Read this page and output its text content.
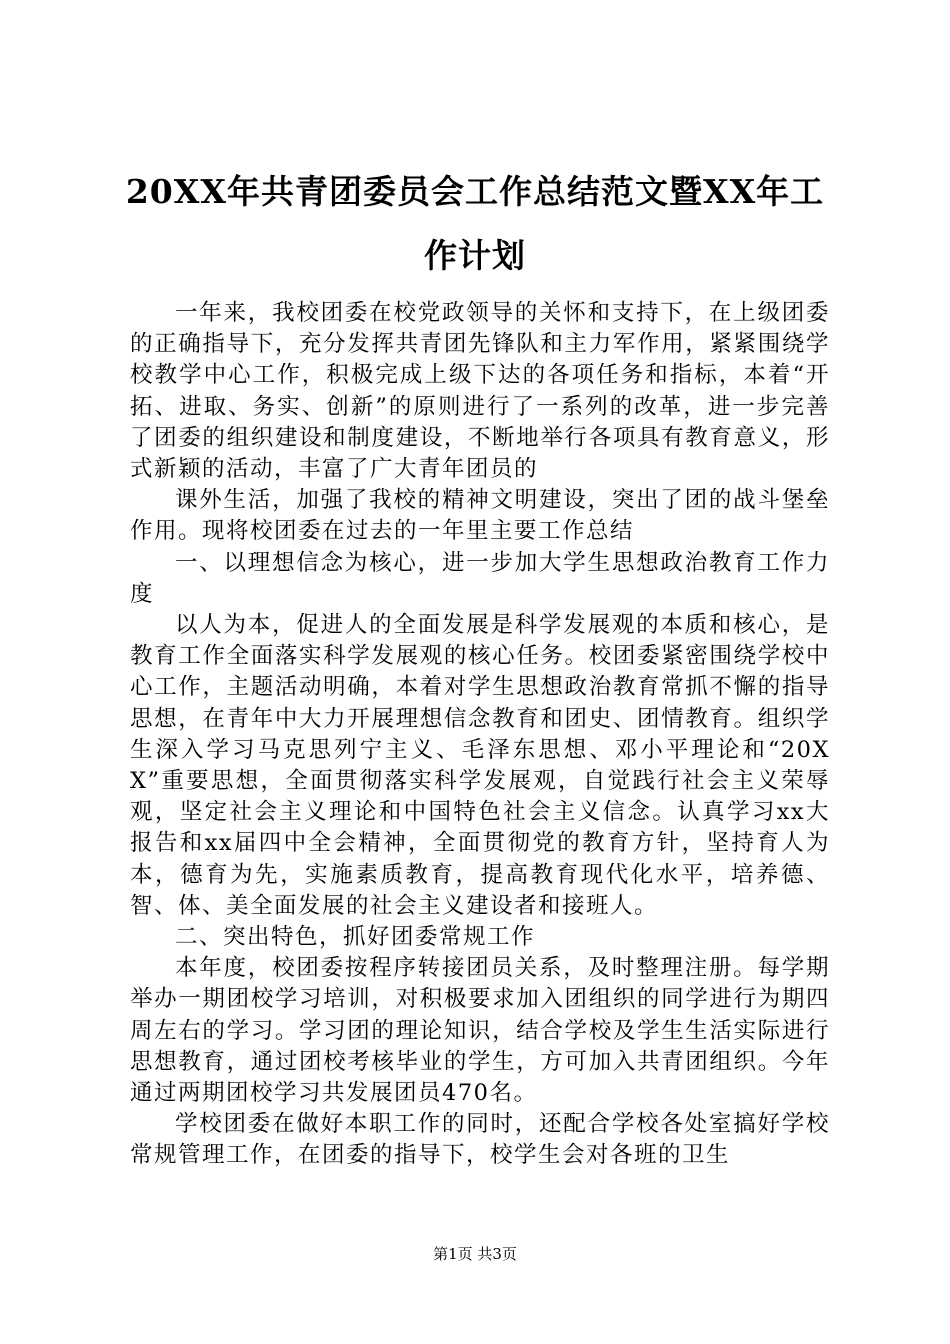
20XX年共青团委员会工作总结范文暨XX年工作计划

一年来，我校团委在校党政领导的关怀和支持下，在上级团委的正确指导下，充分发挥共青团先锋队和主力军作用，紧紧围绕学校教学中心工作，积极完成上级下达的各项任务和指标，本着“开拓、进取、务实、创新”的原则进行了一系列的改革，进一步完善了团委的组织建设和制度建设，不断地举行各项具有教育意义，形式新颖的活动，丰富了广大青年团员的

课外生活，加强了我校的精神文明建设，突出了团的战斗堡垒作用。现将校团委在过去的一年里主要工作总结

一、以理想信念为核心，进一步加大学生思想政治教育工作力度

以人为本，促进人的全面发展是科学发展观的本质和核心，是教育工作全面落实科学发展观的核心任务。校团委紧密围绕学校中心工作，主题活动明确，本着对学生思想政治教育常抓不懈的指导思想，在青年中大力开展理想信念教育和团史、团情教育。组织学生深入学习马克思列宁主义、毛泽东思想、邓小平理论和“20XX”重要思想，全面贯彻落实科学发展观，自觉践行社会主义荣辱观，坚定社会主义理论和中国特色社会主义信念。认真学习xx大报告和xx届四中全会精神，全面贯彻党的教育方针，坚持育人为本，德育为先，实施素质教育，提高教育现代化水平，培养德、智、体、美全面发展的社会主义建设者和接班人。

二、突出特色，抓好团委常规工作

本年度，校团委按程序转接团员关系，及时整理注册。每学期举办一期团校学习培训，对积极要求加入团组织的同学进行为期四周左右的学习。学习团的理论知识，结合学校及学生生活实际进行思想教育，通过团校考核毕业的学生，方可加入共青团组织。今年通过两期团校学习共发展团员470名。

学校团委在做好本职工作的同时，还配合学校各处室搞好学校常规管理工作，在团委的指导下，校学生会对各班的卫生

第1页 共3页
